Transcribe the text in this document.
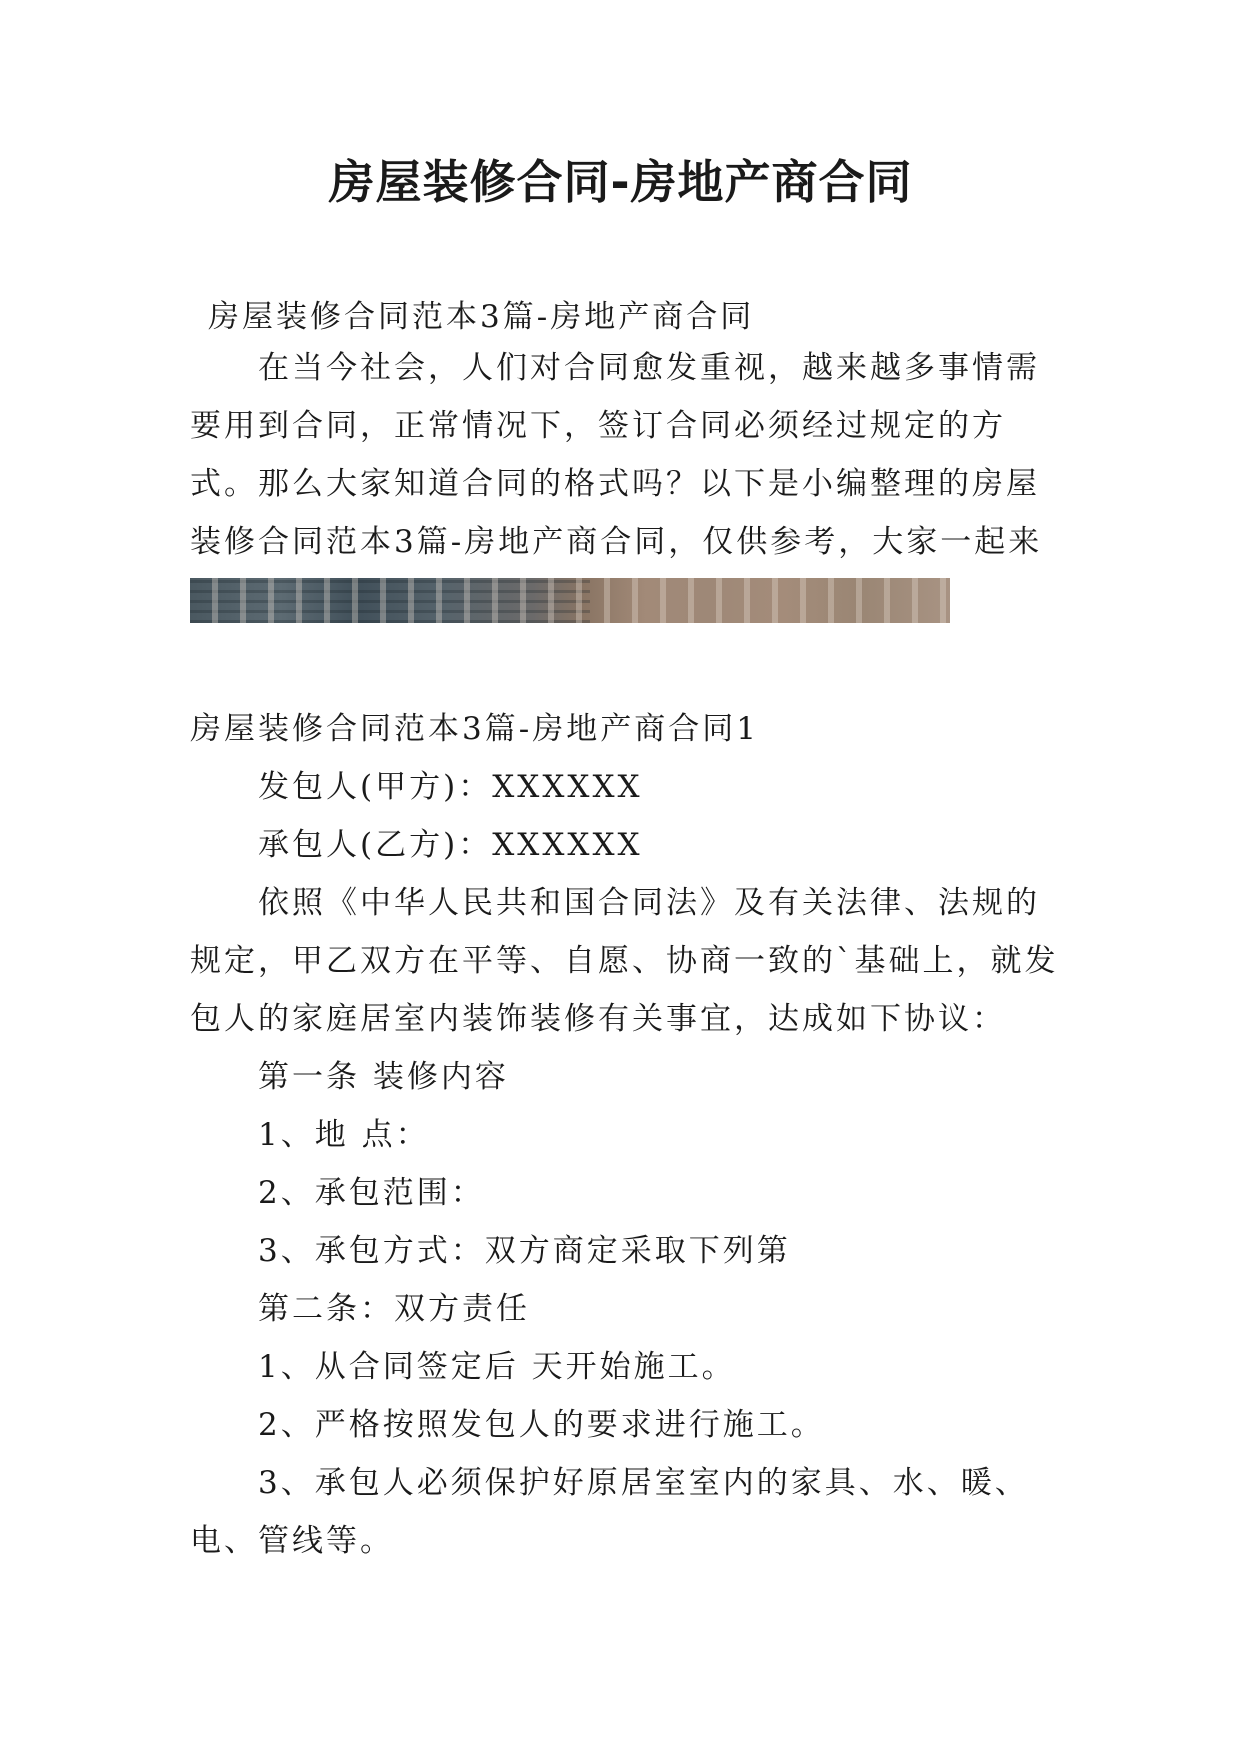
房屋装修合同-房地产商合同

房屋装修合同范本3篇-房地产商合同

在当今社会，人们对合同愈发重视，越来越多事情需要用到合同，正常情况下，签订合同必须经过规定的方式。那么大家知道合同的格式吗？以下是小编整理的房屋装修合同范本3篇-房地产商合同，仅供参考，大家一起来

房屋装修合同范本3篇-房地产商合同1

发包人(甲方)：XXXXXX

承包人(乙方)：XXXXXX

依照《中华人民共和国合同法》及有关法律、法规的规定，甲乙双方在平等、自愿、协商一致的`基础上，就发包人的家庭居室内装饰装修有关事宜，达成如下协议：

第一条 装修内容

1、地 点：

2、承包范围：

3、承包方式：双方商定采取下列第

第二条：双方责任

1、从合同签定后 天开始施工。

2、严格按照发包人的要求进行施工。

3、承包人必须保护好原居室室内的家具、水、暖、电、管线等。
